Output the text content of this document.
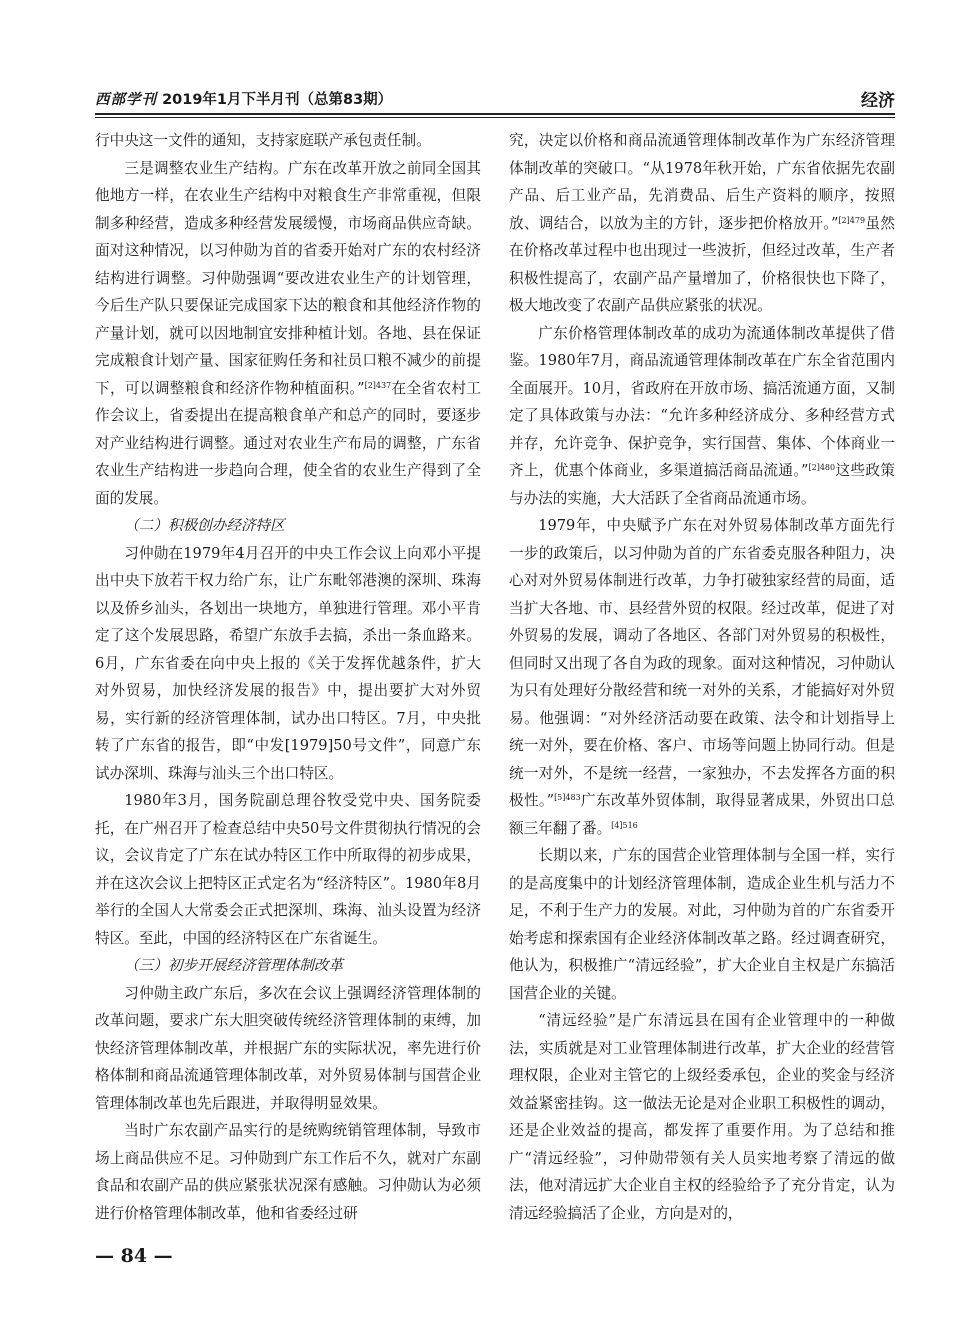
西部学刊 2019年1月下半月刊（总第83期）	经济

行中央这一文件的通知，支持家庭联产承包责任制。

三是调整农业生产结构。广东在改革开放之前同全国其他地方一样，在农业生产结构中对粮食生产非常重视，但限制多种经营，造成多种经营发展缓慢，市场商品供应奇缺。面对这种情况，以习仲勋为首的省委开始对广东的农村经济结构进行调整。习仲勋强调“要改进农业生产的计划管理，今后生产队只要保证完成国家下达的粮食和其他经济作物的产量计划，就可以因地制宜安排种植计划。各地、县在保证完成粮食计划产量、国家征购任务和社员口粮不减少的前提下，可以调整粮食和经济作物种植面积。”$^{[2]437}$在全省农村工作会议上，省委提出在提高粮食单产和总产的同时，要逐步对产业结构进行调整。通过对农业生产布局的调整，广东省农业生产结构进一步趋向合理，使全省的农业生产得到了全面的发展。

（二）积极创办经济特区

习仲勋在1979年4月召开的中央工作会议上向邓小平提出中央下放若干权力给广东，让广东毗邻港澳的深圳、珠海以及侨乡汕头，各划出一块地方，单独进行管理。邓小平肯定了这个发展思路，希望广东放手去搞，杀出一条血路来。6月，广东省委在向中央上报的《关于发挥优越条件，扩大对外贸易，加快经济发展的报告》中，提出要扩大对外贸易，实行新的经济管理体制，试办出口特区。7月，中央批转了广东省的报告，即“中发[1979]50号文件”，同意广东试办深圳、珠海与汕头三个出口特区。

1980年3月，国务院副总理谷牧受党中央、国务院委托，在广州召开了检查总结中央50号文件贯彻执行情况的会议，会议肯定了广东在试办特区工作中所取得的初步成果，并在这次会议上把特区正式定名为“经济特区”。1980年8月举行的全国人大常委会正式把深圳、珠海、汕头设置为经济特区。至此，中国的经济特区在广东省诞生。

（三）初步开展经济管理体制改革

习仲勋主政广东后，多次在会议上强调经济管理体制的改革问题，要求广东大胆突破传统经济管理体制的束缚，加快经济管理体制改革，并根据广东的实际状况，率先进行价格体制和商品流通管理体制改革，对外贸易体制与国营企业管理体制改革也先后跟进，并取得明显效果。

当时广东农副产品实行的是统购统销管理体制，导致市场上商品供应不足。习仲勋到广东工作后不久，就对广东副食品和农副产品的供应紧张状况深有感触。习仲勋认为必须进行价格管理体制改革，他和省委经过研

究，决定以价格和商品流通管理体制改革作为广东经济管理体制改革的突破口。“从1978年秋开始，广东省依据先农副产品、后工业产品，先消费品、后生产资料的顺序，按照放、调结合，以放为主的方针，逐步把价格放开。”$^{[2]479}$虽然在价格改革过程中也出现过一些波折，但经过改革，生产者积极性提高了，农副产品产量增加了，价格很快也下降了，极大地改变了农副产品供应紧张的状况。

广东价格管理体制改革的成功为流通体制改革提供了借鉴。1980年7月，商品流通管理体制改革在广东全省范围内全面展开。10月，省政府在开放市场、搞活流通方面，又制定了具体政策与办法：“允许多种经济成分、多种经营方式并存，允许竞争、保护竞争，实行国营、集体、个体商业一齐上，优惠个体商业，多渠道搞活商品流通。”$^{[2]480}$这些政策与办法的实施，大大活跃了全省商品流通市场。

1979年，中央赋予广东在对外贸易体制改革方面先行一步的政策后，以习仲勋为首的广东省委克服各种阻力，决心对对外贸易体制进行改革，力争打破独家经营的局面，适当扩大各地、市、县经营外贸的权限。经过改革，促进了对外贸易的发展，调动了各地区、各部门对外贸易的积极性，但同时又出现了各自为政的现象。面对这种情况，习仲勋认为只有处理好分散经营和统一对外的关系，才能搞好对外贸易。他强调：“对外经济活动要在政策、法令和计划指导上统一对外，要在价格、客户、市场等问题上协同行动。但是统一对外，不是统一经营，一家独办，不去发挥各方面的积极性。”$^{[5]483}$广东改革外贸体制，取得显著成果，外贸出口总额三年翻了番。$^{[4]516}$

长期以来，广东的国营企业管理体制与全国一样，实行的是高度集中的计划经济管理体制，造成企业生机与活力不足，不利于生产力的发展。对此，习仲勋为首的广东省委开始考虑和探索国有企业经济体制改革之路。经过调查研究，他认为，积极推广“清远经验”，扩大企业自主权是广东搞活国营企业的关键。

“清远经验”是广东清远县在国有企业管理中的一种做法，实质就是对工业管理体制进行改革，扩大企业的经营管理权限，企业对主管它的上级经委承包，企业的奖金与经济效益紧密挂钩。这一做法无论是对企业职工积极性的调动，还是企业效益的提高，都发挥了重要作用。为了总结和推广“清远经验”，习仲勋带领有关人员实地考察了清远的做法，他对清远扩大企业自主权的经验给予了充分肯定，认为清远经验搞活了企业，方向是对的，

— 84 —
